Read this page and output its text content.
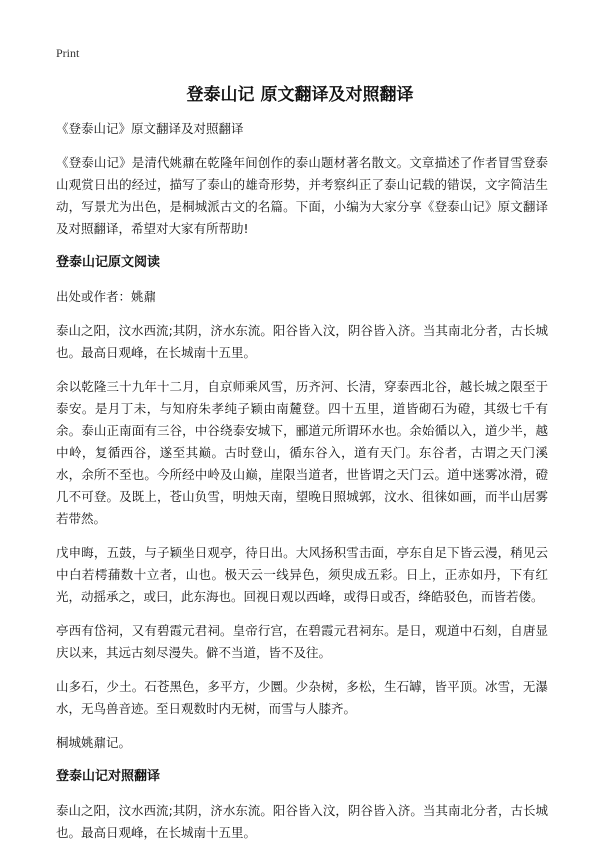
Print
登泰山记 原文翻译及对照翻译

《登泰山记》原文翻译及对照翻译

《登泰山记》是清代姚鼐在乾隆年间创作的泰山题材著名散文。文章描述了作者冒雪登泰山观赏日出的经过，描写了泰山的雄奇形势，并考察纠正了泰山记载的错误，文字简洁生动，写景尤为出色，是桐城派古文的名篇。下面，小编为大家分享《登泰山记》原文翻译及对照翻译，希望对大家有所帮助!

登泰山记原文阅读

出处或作者：姚鼐

泰山之阳，汶水西流;其阴，济水东流。阳谷皆入汶，阴谷皆入济。当其南北分者，古长城也。最高日观峰，在长城南十五里。

余以乾隆三十九年十二月，自京师乘风雪，历齐河、长清，穿泰西北谷，越长城之限至于泰安。是月丁未，与知府朱孝纯子颖由南麓登。四十五里，道皆砌石为磴，其级七千有余。泰山正南面有三谷，中谷绕泰安城下，郦道元所谓环水也。余始循以入，道少半，越中岭，复循西谷，遂至其巅。古时登山，循东谷入，道有天门。东谷者，古谓之天门溪水，余所不至也。今所经中岭及山巅，崖限当道者，世皆谓之天门云。道中迷雾冰滑，磴几不可登。及既上，苍山负雪，明烛天南，望晚日照城郭，汶水、徂徕如画，而半山居雾若带然。

戊申晦，五鼓，与子颖坐日观亭，待日出。大风扬积雪击面，亭东自足下皆云漫，稍见云中白若樗蒱数十立者，山也。极天云一线异色，须臾成五彩。日上，正赤如丹，下有红光，动摇承之，或曰，此东海也。回视日观以西峰，或得日或否，绛皓驳色，而皆若偻。

亭西有岱祠，又有碧霞元君祠。皇帝行宫，在碧霞元君祠东。是日，观道中石刻，自唐显庆以来，其远古刻尽漫失。僻不当道，皆不及往。

山多石，少土。石苍黑色，多平方，少圜。少杂树，多松，生石罅，皆平顶。冰雪，无瀑水，无鸟兽音迹。至日观数时内无树，而雪与人膝齐。

桐城姚鼐记。

登泰山记对照翻译

泰山之阳，汶水西流;其阴，济水东流。阳谷皆入汶，阴谷皆入济。当其南北分者，古长城也。最高日观峰，在长城南十五里。
